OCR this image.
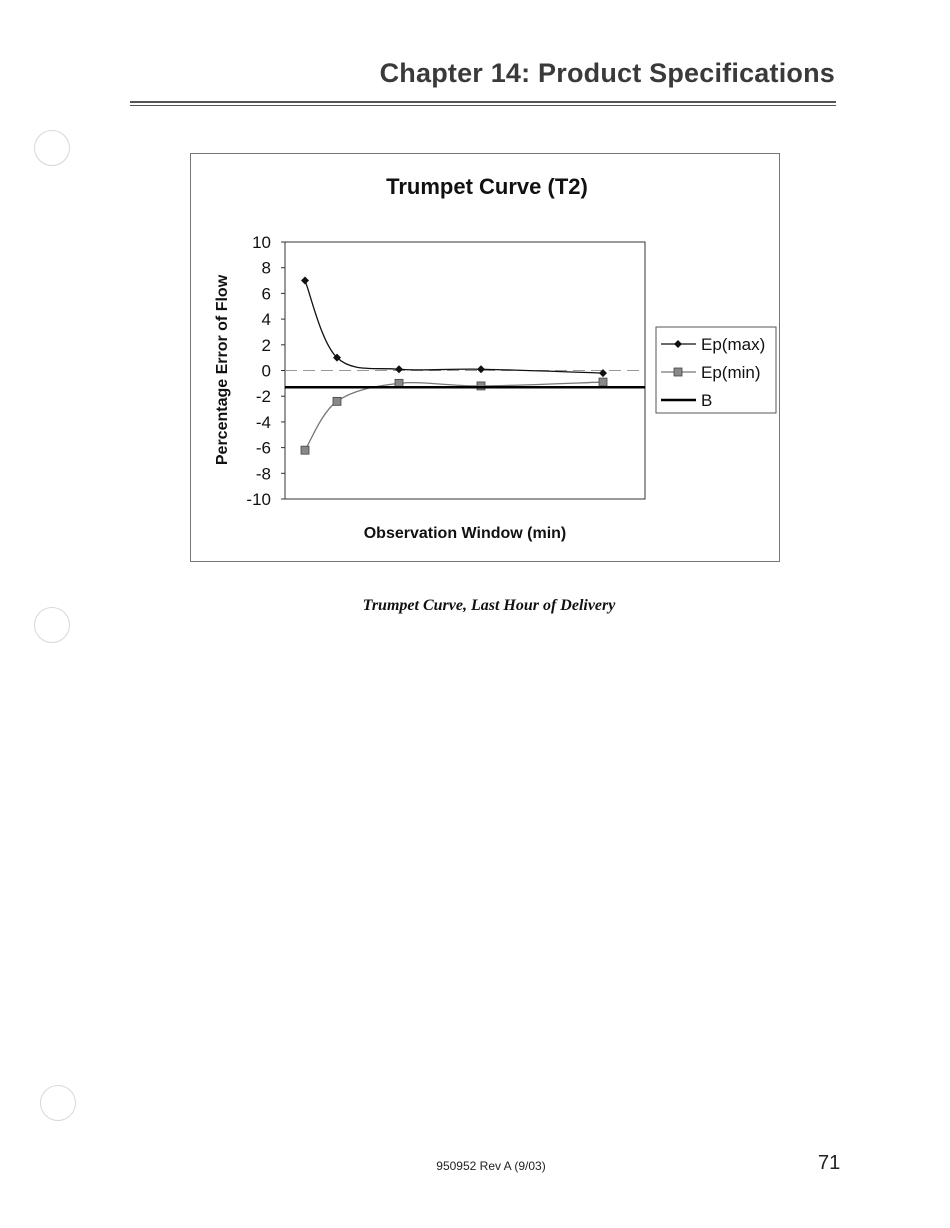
Chapter 14: Product Specifications
Trumpet Curve (T2)
10
8
6
4
2
0
-2
-4
-6
-8
-10
Percentage Error of Flow
Observation Window (min)
Ep(max)
Ep(min)
B
Trumpet Curve, Last Hour of Delivery
950952 Rev A (9/03)	71
